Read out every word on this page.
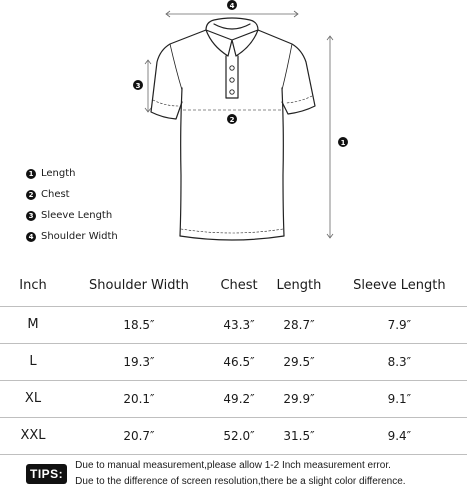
4
2
1
3
1 Length
2 Chest
3 Sleeve Length
4 Shoulder Width
Inch	Shoulder Width	Chest	Length	Sleeve Length
M	18.5″	43.3″	28.7″	7.9″
L	19.3″	46.5″	29.5″	8.3″
XL	20.1″	49.2″	29.9″	9.1″
XXL	20.7″	52.0″	31.5″	9.4″
TIPS:
Due to manual measurement,please allow 1-2 Inch measurement error.
Due to the difference of screen resolution,there be a slight color difference.
